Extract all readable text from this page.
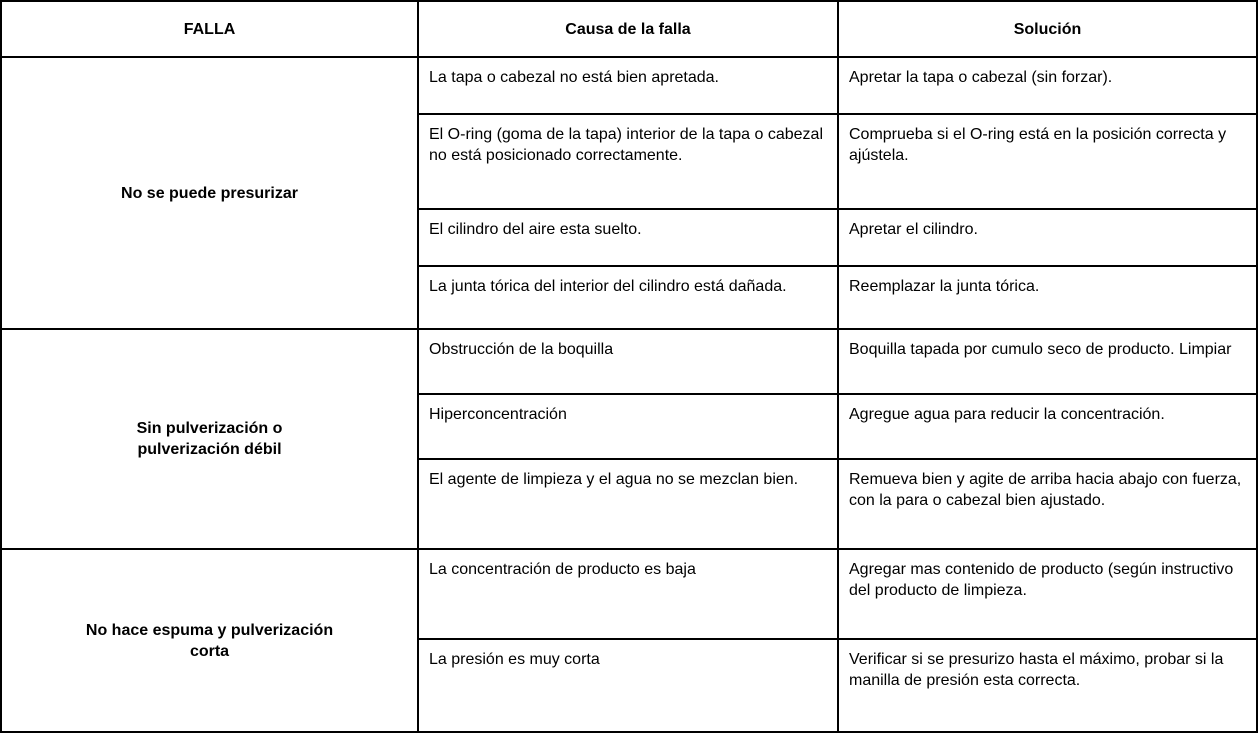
FALLA	Causa de la falla	Solución
No se puede presurizar	La tapa o cabezal no está bien apretada.	Apretar la tapa o cabezal (sin forzar).
	El O-ring (goma de la tapa) interior de la tapa o cabezal no está posicionado correctamente.	Comprueba si el O-ring está en la posición correcta y ajústela.
	El cilindro del aire esta suelto.	Apretar el cilindro.
	La junta tórica del interior del cilindro está dañada.	Reemplazar la junta tórica.
Sin pulverización o pulverización débil	Obstrucción de la boquilla	Boquilla tapada por cumulo seco de producto. Limpiar
	Hiperconcentración	Agregue agua para reducir la concentración.
	El agente de limpieza y el agua no se mezclan bien.	Remueva bien y agite de arriba hacia abajo con fuerza, con la para o cabezal bien ajustado.
No hace espuma y pulverización corta	La concentración de producto es baja	Agregar mas contenido de producto (según instructivo del producto de limpieza.
	La presión es muy corta	Verificar si se presurizo hasta el máximo, probar si la manilla de presión esta correcta.
